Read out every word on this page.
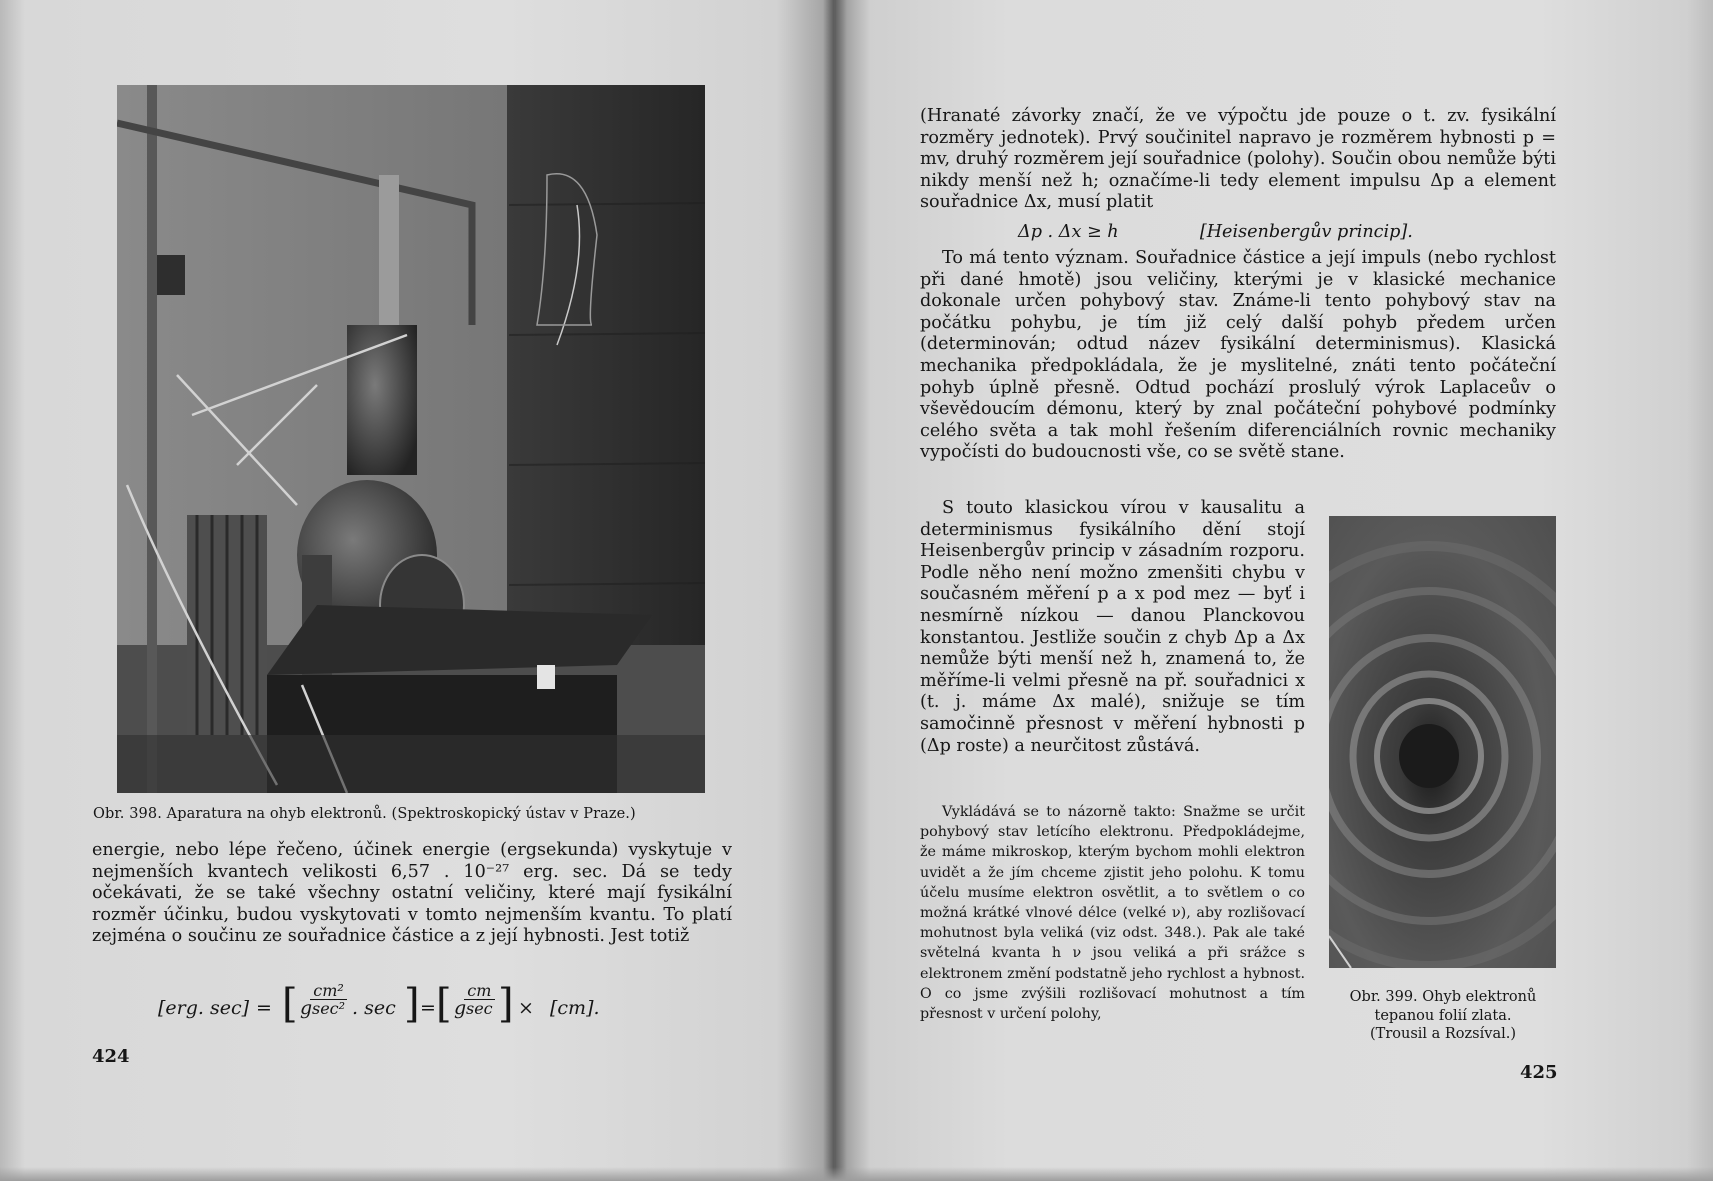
Obr. 398. Aparatura na ohyb elektronů. (Spektroskopický ústav v Praze.)

energie, nebo lépe řečeno, účinek energie (ergsekunda) vyskytuje v nejmenších kvantech velikosti 6,57 . 10⁻²⁷ erg. sec. Dá se tedy očekávati, že se také všechny ostatní veličiny, které mají fysikální rozměr účinku, budou vyskytovati v tomto nejmenším kvantu. To platí zejména o součinu ze souřadnice částice a z její hybnosti. Jest totiž

[erg. sec] = [ g
cm²
sec² . sec ] = [ g
cm
sec ] × [cm].
424

(Hranaté závorky značí, že ve výpočtu jde pouze o t. zv. fysikální rozměry jednotek). Prvý součinitel napravo je rozměrem hybnosti p = mv, druhý rozměrem její souřadnice (polohy). Součin obou nemůže býti nikdy menší než h; označíme-li tedy element impulsu Δp a element souřadnice Δx, musí platit

Δp . Δx ≥ h	[Heisenbergův princip].

To má tento význam. Souřadnice částice a její impuls (nebo rychlost při dané hmotě) jsou veličiny, kterými je v klasické mechanice dokonale určen pohybový stav. Známe-li tento pohybový stav na počátku pohybu, je tím již celý další pohyb předem určen (determinován; odtud název fysikální determinismus). Klasická mechanika předpokládala, že je myslitelné, znáti tento počáteční pohyb úplně přesně. Odtud pochází proslulý výrok Laplaceův o vševědoucím démonu, který by znal počáteční pohybové podmínky celého světa a tak mohl řešením diferenciálních rovnic mechaniky vypočísti do budoucnosti vše, co se světě stane.

S touto klasickou vírou v kausalitu a determinismus fysikálního dění stojí Heisenbergův princip v zásadním rozporu. Podle něho není možno zmenšiti chybu v současném měření p a x pod mez — byť i nesmírně nízkou — danou Planckovou konstantou. Jestliže součin z chyb Δp a Δx nemůže býti menší než h, znamená to, že měříme-li velmi přesně na př. souřadnici x (t. j. máme Δx malé), snižuje se tím samočinně přesnost v měření hybnosti p (Δp roste) a neurčitost zůstává.

Vykládává se to názorně takto: Snažme se určit pohybový stav letícího elektronu. Předpokládejme, že máme mikroskop, kterým bychom mohli elektron uvidět a že jím chceme zjistit jeho polohu. K tomu účelu musíme elektron osvětlit, a to světlem o co možná krátké vlnové délce (velké ν), aby rozlišovací mohutnost byla veliká (viz odst. 348.). Pak ale také světelná kvanta h ν jsou veliká a při srážce s elektronem změní podstatně jeho rychlost a hybnost. O co jsme zvýšili rozlišovací mohutnost a tím přesnost v určení polohy,

Obr. 399. Ohyb elektronů
tepanou folií zlata.
(Trousil a Rozsíval.)
425
